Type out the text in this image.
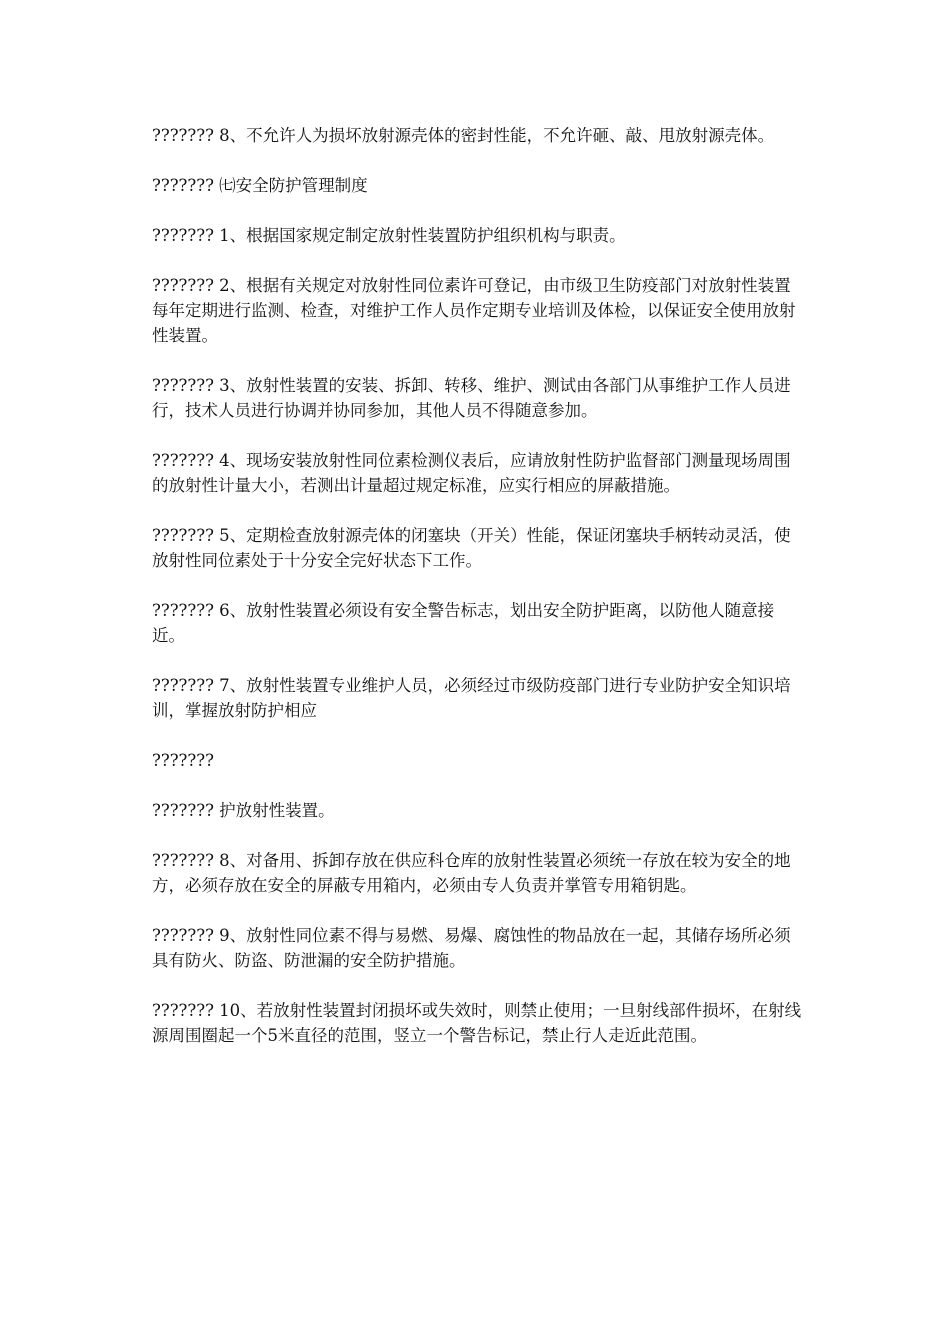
??????? 8、不允许人为损坏放射源壳体的密封性能，不允许砸、敲、甩放射源壳体。

??????? ㈦安全防护管理制度

??????? 1、根据国家规定制定放射性装置防护组织机构与职责。

??????? 2、根据有关规定对放射性同位素许可登记，由市级卫生防疫部门对放射性装置每年定期进行监测、检查，对维护工作人员作定期专业培训及体检，以保证安全使用放射性装置。

??????? 3、放射性装置的安装、拆卸、转移、维护、测试由各部门从事维护工作人员进行，技术人员进行协调并协同参加，其他人员不得随意参加。

??????? 4、现场安装放射性同位素检测仪表后，应请放射性防护监督部门测量现场周围的放射性计量大小，若测出计量超过规定标准，应实行相应的屏蔽措施。

??????? 5、定期检查放射源壳体的闭塞块（开关）性能，保证闭塞块手柄转动灵活，使放射性同位素处于十分安全完好状态下工作。

??????? 6、放射性装置必须设有安全警告标志，划出安全防护距离，以防他人随意接近。

??????? 7、放射性装置专业维护人员，必须经过市级防疫部门进行专业防护安全知识培训，掌握放射防护相应

???????

??????? 护放射性装置。

??????? 8、对备用、拆卸存放在供应科仓库的放射性装置必须统一存放在较为安全的地方，必须存放在安全的屏蔽专用箱内，必须由专人负责并掌管专用箱钥匙。

??????? 9、放射性同位素不得与易燃、易爆、腐蚀性的物品放在一起，其储存场所必须具有防火、防盗、防泄漏的安全防护措施。

??????? 10、若放射性装置封闭损坏或失效时，则禁止使用；一旦射线部件损坏，在射线源周围圈起一个5米直径的范围，竖立一个警告标记，禁止行人走近此范围。
